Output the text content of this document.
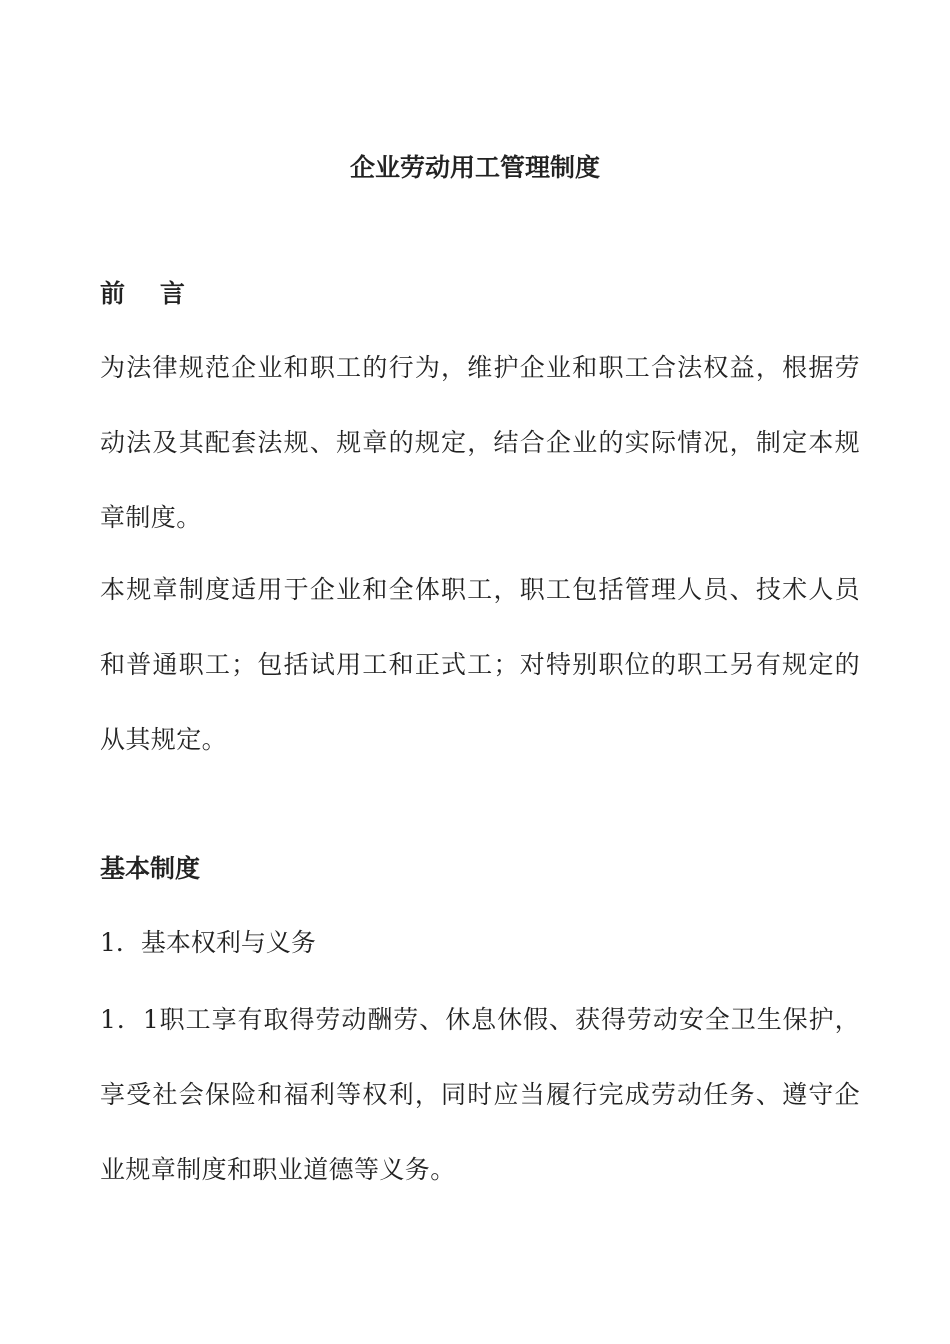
企业劳动用工管理制度
前    言

为法律规范企业和职工的行为，维护企业和职工合法权益，根据劳动法及其配套法规、规章的规定，结合企业的实际情况，制定本规章制度。

本规章制度适用于企业和全体职工，职工包括管理人员、技术人员和普通职工；包括试用工和正式工；对特别职位的职工另有规定的从其规定。

基本制度

1．基本权利与义务

1．1职工享有取得劳动酬劳、休息休假、获得劳动安全卫生保护，享受社会保险和福利等权利，同时应当履行完成劳动任务、遵守企业规章制度和职业道德等义务。
